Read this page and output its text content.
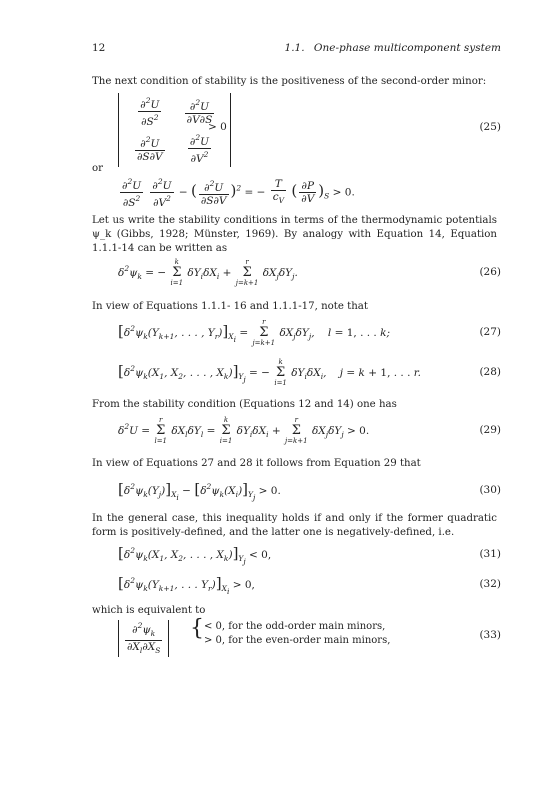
12	1.1. One-phase multicomponent system
The next condition of stability is the positiveness of the second-order minor:
$\frac{\partial^2U}{\partial S^2}$	$\frac{\partial^2U}{\partial V\partial S}$

$\frac{\partial^2U}{\partial S\partial V}$	$\frac{\partial^2U}{\partial V^2}$
> 0	(25)
or
$\frac{\partial^2U}{\partial S^2}$
$\frac{\partial^2U}{\partial V^2}$ − ( $\frac{\partial^2U}{\partial S\partial V} )^2$ = − $\frac{T}{c_V}$ ( $\frac{\partial P}{\partial V} )_S > 0$.
Let us write the stability conditions in terms of the thermodynamic potentials ψ_k (Gibbs, 1928; Münster, 1969). By analogy with Equation 14, Equation 1.1.1-14 can be written as
$\delta^2\psi_k$ = −
k
Σ
i=1
$\delta Y_i\delta X_i$ +
r
Σ
j=k+1
$\delta X_j\delta Y_j$.	(26)
In view of Equations 1.1.1- 16 and 1.1.1-17, note that
[$\delta^2\psi_k(Y_{k+1}$, . . . , $Y_r)]_{Xi}$ =
r
Σ
j=k+1
$\delta X_j\delta Y_j$,    l = 1, . . . k;	(27)
[$\delta^2\psi_k(X_1$, $X_2$, . . . , $X_k)]_{Yj}$ = −
k
Σ
i=1
$\delta Y_i\delta X_i$,    j = k + 1, . . . r.	(28)
From the stability condition (Equations 12 and 14) one has
$\delta^2U$ =
r
Σ
l=1
$\delta X_l\delta Y_l$ =
k
Σ
i=1
$\delta Y_i\delta X_i$ +
r
Σ
j=k+1
$\delta X_j\delta Y_j > 0$.	(29)
In view of Equations 27 and 28 it follows from Equation 29 that
$[\delta^2\psi_k(Y_j)]_{Xi} - [\delta^2\psi_k(X_i)]_{Yj} > 0$.	(30)
In the general case, this inequality holds if and only if the former quadratic form is positively-defined, and the latter one is negatively-defined, i.e.
[$\delta^2\psi_k(X_1$, $X_2$, . . . , $X_k)]_{Yj} < 0$,	(31)
[$\delta^2\psi_k(Y_{k+1}$, . . . $Y_r)]_{Xi} > 0$,	(32)
which is equivalent to
$\frac{\partial^2\psi_k}{\partial X_l\partial X_S}$ { < 0, for the odd-order main minors,
> 0, for the even-order main minors,	(33)
